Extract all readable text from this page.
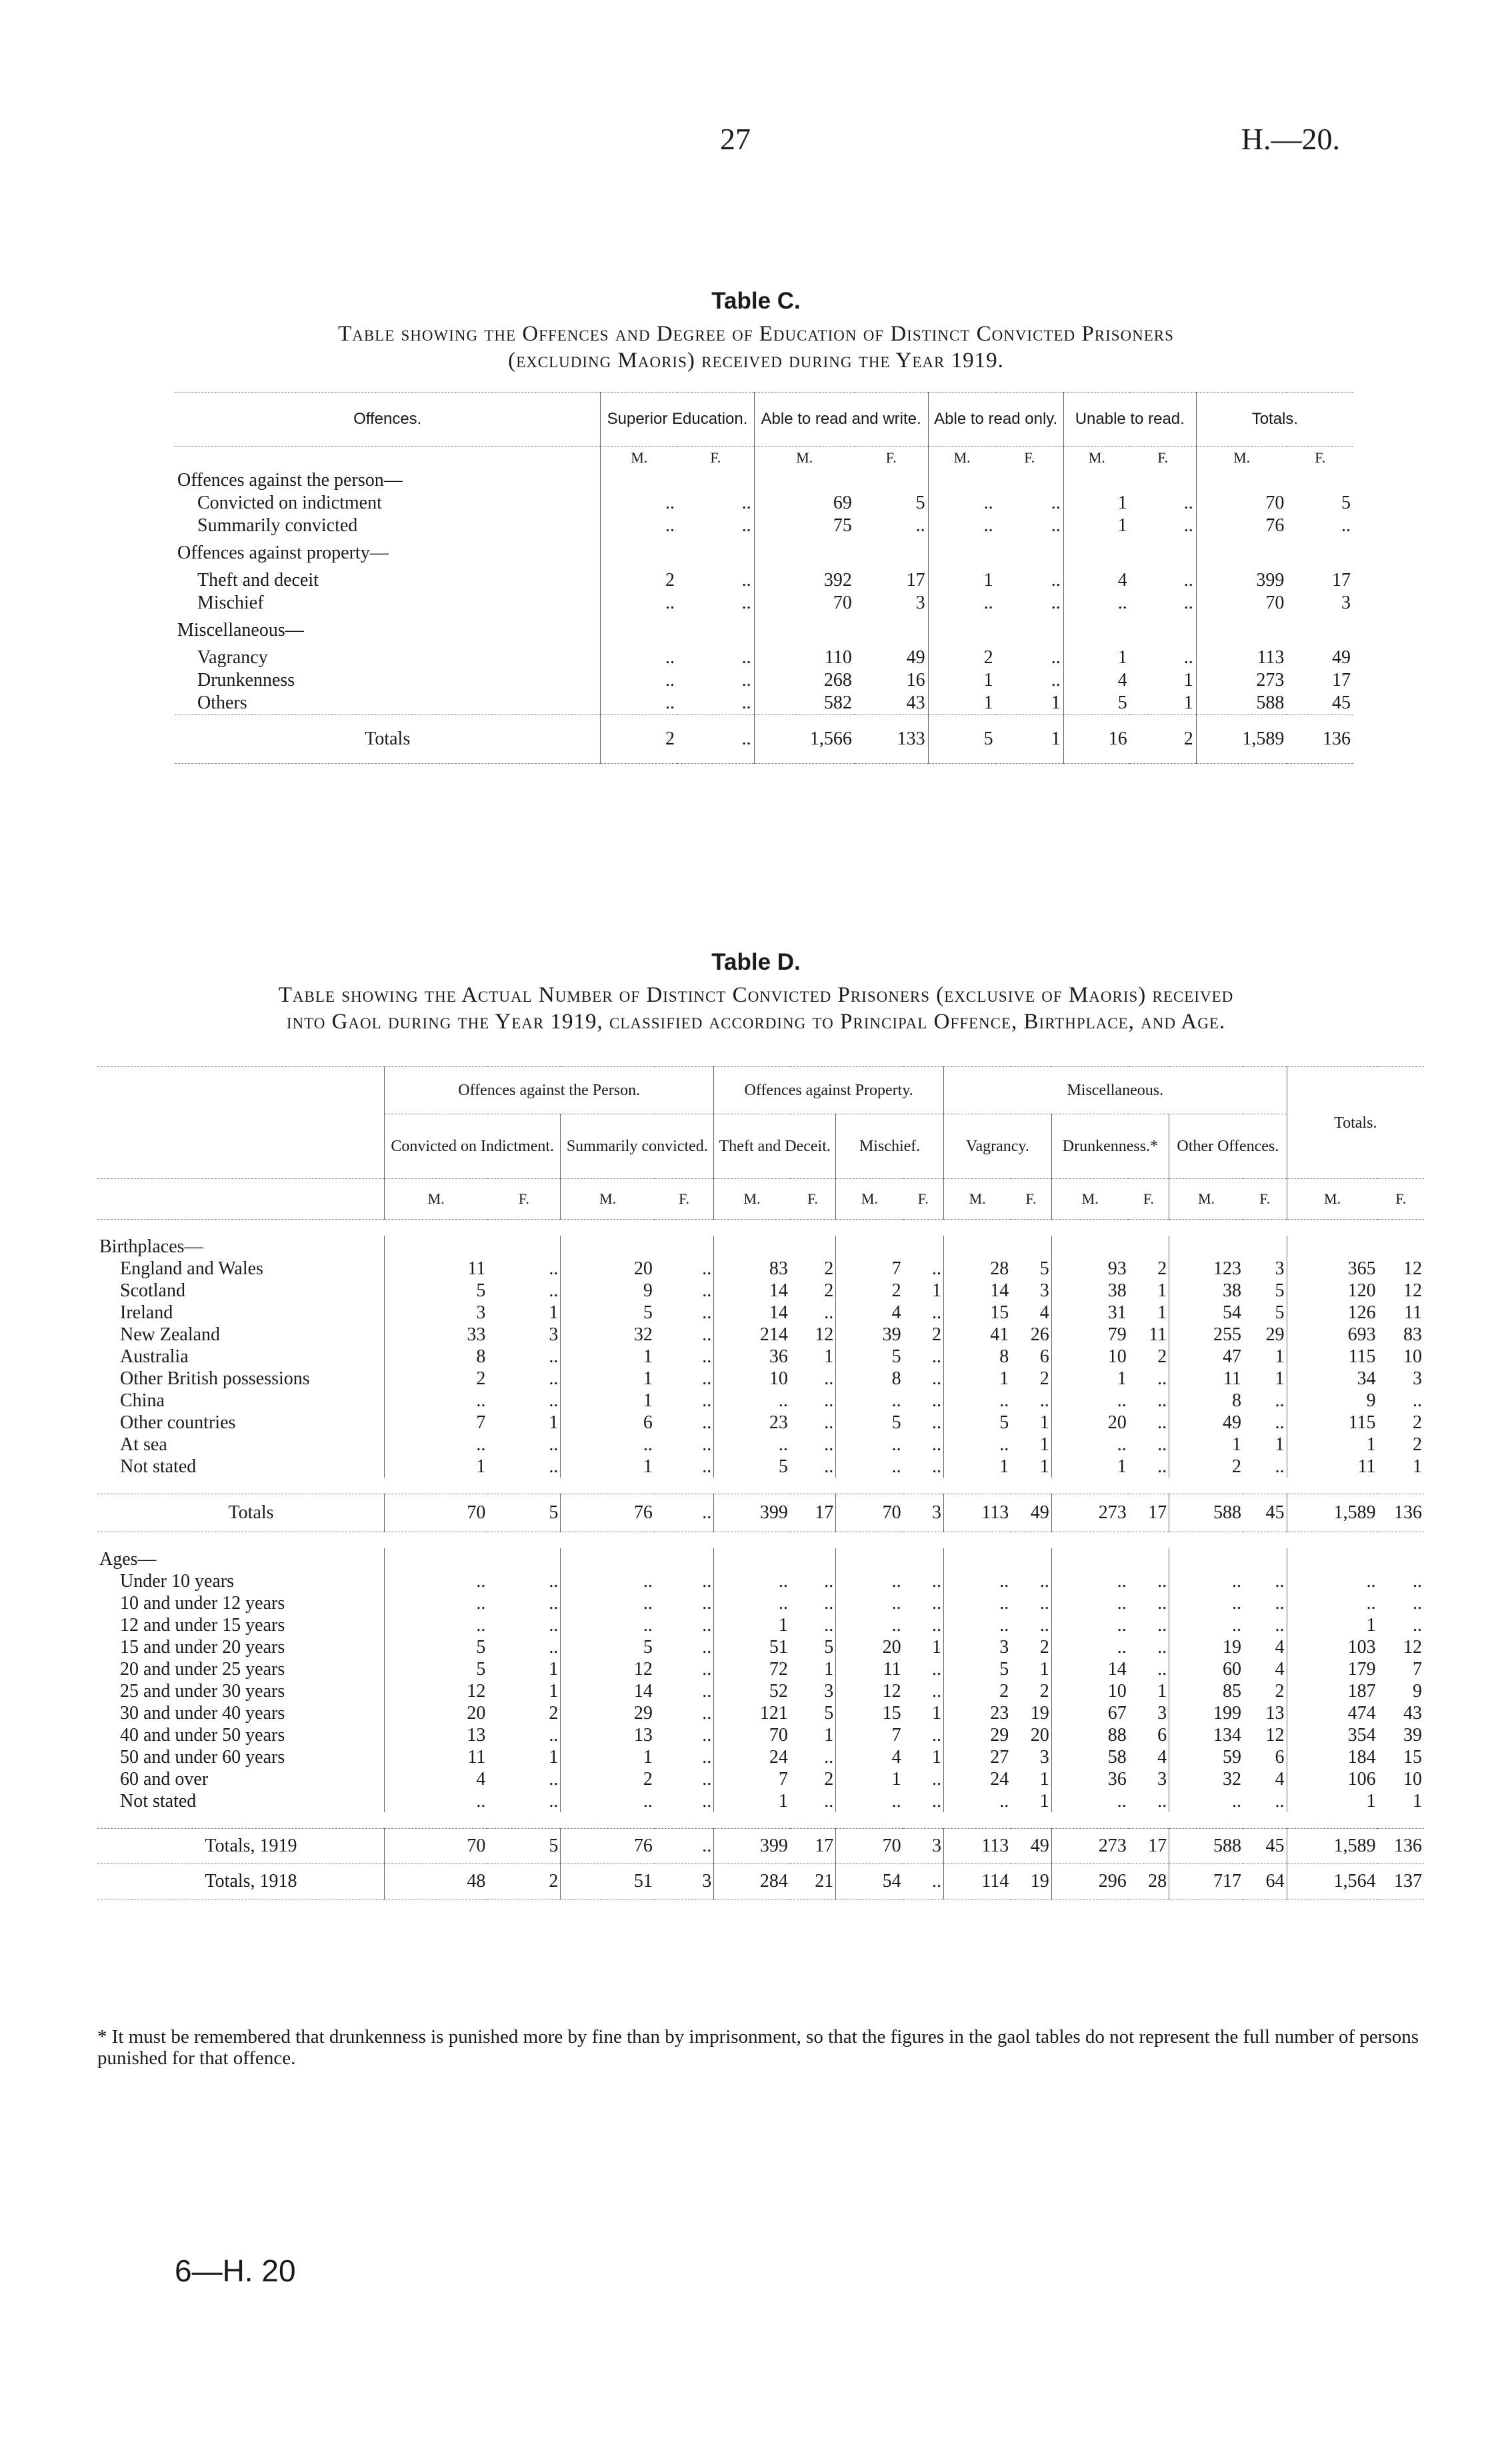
27	H.—20.
Table C.
Table showing the Offences and Degree of Education of Distinct Convicted Prisoners
(excluding Maoris) received during the Year 1919.
Offences.	Superior Education.		Able to read and write.		Able to read only.		Unable to read.		Totals.	
	M.	F.	M.	F.	M.	F.	M.	F.	M.	F.
Offences against the person—										
Convicted on indictment	..	..	69	5	..	..	1	..	70	5
Summarily convicted	..	..	75	..	..	..	1	..	76	..
Offences against property—										
Theft and deceit	2	..	392	17	1	..	4	..	399	17
Mischief	..	..	70	3	..	..	..	..	70	3
Miscellaneous—										
Vagrancy	..	..	110	49	2	..	1	..	113	49
Drunkenness	..	..	268	16	1	..	4	1	273	17
Others	..	..	582	43	1	1	5	1	588	45
Totals	2	..	1,566	133	5	1	16	2	1,589	136
Table D.
Table showing the Actual Number of Distinct Convicted Prisoners (exclusive of Maoris) received
into Gaol during the Year 1919, classified according to Principal Offence, Birthplace, and Age.
	Offences against the Person.				Offences against Property.				Miscellaneous.						Totals.	
	Convicted on Indictment.		Summarily convicted.		Theft and Deceit.		Mischief.		Vagrancy.		Drunkenness.*		Other Offences.			
	M.	F.	M.	F.	M.	F.	M.	F.	M.	F.	M.	F.	M.	F.	M.	F.

Birthplaces—																
England and Wales	11	..	20	..	83	2	7	..	28	5	93	2	123	3	365	12
Scotland	5	..	9	..	14	2	2	1	14	3	38	1	38	5	120	12
Ireland	3	1	5	..	14	..	4	..	15	4	31	1	54	5	126	11
New Zealand	33	3	32	..	214	12	39	2	41	26	79	11	255	29	693	83
Australia	8	..	1	..	36	1	5	..	8	6	10	2	47	1	115	10
Other British possessions	2	..	1	..	10	..	8	..	1	2	1	..	11	1	34	3
China	..	..	1	..	..	..	..	..	..	..	..	..	8	..	9	..
Other countries	7	1	6	..	23	..	5	..	5	1	20	..	49	..	115	2
At sea	..	..	..	..	..	..	..	..	..	1	..	..	1	1	1	2
Not stated	1	..	1	..	5	..	..	..	1	1	1	..	2	..	11	1

Totals	70	5	76	..	399	17	70	3	113	49	273	17	588	45	1,589	136

Ages—																
Under 10 years	..	..	..	..	..	..	..	..	..	..	..	..	..	..	..	..
10 and under 12 years	..	..	..	..	..	..	..	..	..	..	..	..	..	..	..	..
12 and under 15 years	..	..	..	..	1	..	..	..	..	..	..	..	..	..	1	..
15 and under 20 years	5	..	5	..	51	5	20	1	3	2	..	..	19	4	103	12
20 and under 25 years	5	1	12	..	72	1	11	..	5	1	14	..	60	4	179	7
25 and under 30 years	12	1	14	..	52	3	12	..	2	2	10	1	85	2	187	9
30 and under 40 years	20	2	29	..	121	5	15	1	23	19	67	3	199	13	474	43
40 and under 50 years	13	..	13	..	70	1	7	..	29	20	88	6	134	12	354	39
50 and under 60 years	11	1	1	..	24	..	4	1	27	3	58	4	59	6	184	15
60 and over	4	..	2	..	7	2	1	..	24	1	36	3	32	4	106	10
Not stated	..	..	..	..	1	..	..	..	..	1	..	..	..	..	1	1

Totals, 1919	70	5	76	..	399	17	70	3	113	49	273	17	588	45	1,589	136
Totals, 1918	48	2	51	3	284	21	54	..	114	19	296	28	717	64	1,564	137
* It must be remembered that drunkenness is punished more by fine than by imprisonment, so that the figures in the gaol tables do not represent the full number of persons punished for that offence.
6—H. 20
